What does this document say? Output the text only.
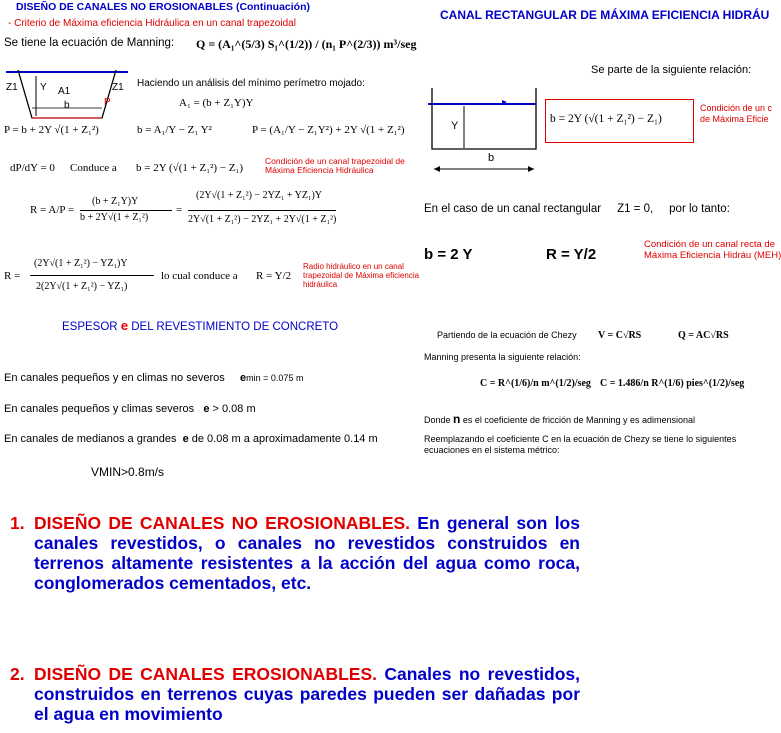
DISEÑO DE CANALES NO EROSIONABLES (Continuación)
- Criterio de Máxima eficiencia Hidráulica en un canal trapezoidal
Se tiene la ecuación de Manning: Q = (A₁^(5/3) S₁^(1/2)) / (n₁ P^(2/3)) m³/seg
Z1 Y A1	Z1
b	P
Haciendo un análisis del mínimo perímetro mojado:
A₁ = (b + Z₁Y)Y
P = b + 2Y √(1 + Z₁²)	b = A₁/Y − Z₁ Y²	P = (A₁/Y − Z₁Y²) + 2Y √(1 + Z₁²)
dP/dY = 0 Conduce a b = 2Y (√(1 + Z₁²) − Z₁)
Condición de un canal trapezoidal de Máxima Eficiencia Hidráulica
R = A/P =
(b + Z₁Y)Y
b + 2Y√(1 + Z₁²)
=
(2Y√(1 + Z₁²) − 2YZ₁ + YZ₁)Y
2Y√(1 + Z₁²) − 2YZ₁ + 2Y√(1 + Z₁²)
R =
(2Y√(1 + Z₁²) − YZ₁)Y
2(2Y√(1 + Z₁²) − YZ₁)
lo cual conduce a R = Y/2
Radio hidráulico en un canal trapezoidal de Máxima eficiencia hidráulica
ESPESOR e DEL REVESTIMIENTO DE CONCRETO
En canales pequeños y en climas no severos emin = 0.075 m
En canales pequeños y climas severos e > 0.08 m
En canales de medianos a grandes e de 0.08 m a aproximadamente 0.14 m
VMIN>0.8m/s
CANAL RECTANGULAR DE MÁXIMA EFICIENCIA HIDRÁU
Se parte de la siguiente relación:
Y
b
b = 2Y (√(1 + Z₁²) − Z₁)
Condición de un c de Máxima Eficie
En el caso de un canal rectangular     Z1 = 0,     por lo tanto:
b = 2 Y	R = Y/2
Condición de un canal recta de Máxima Eficiencia Hidráu (MEH)
Partiendo de la ecuación de Chezy V = C√RS	Q = AC√RS
Manning presenta la siguiente relación:
C = R^(1/6)/n m^(1/2)/seg C = 1.486/n R^(1/6) pies^(1/2)/seg
Donde n es el coeficiente de fricción de Manning y es adimensional
Reemplazando el coeficiente C en la ecuación de Chezy se tiene lo siguientes ecuaciones en el sistema métrico:
1. DISEÑO DE CANALES NO EROSIONABLES. En general son los canales revestidos, o canales no revestidos construidos en terrenos altamente resistentes a la acción del agua como roca, conglomerados cementados, etc.
2. DISEÑO DE CANALES EROSIONABLES. Canales no revestidos, construidos en terrenos cuyas paredes pueden ser dañadas por el agua en movimiento
